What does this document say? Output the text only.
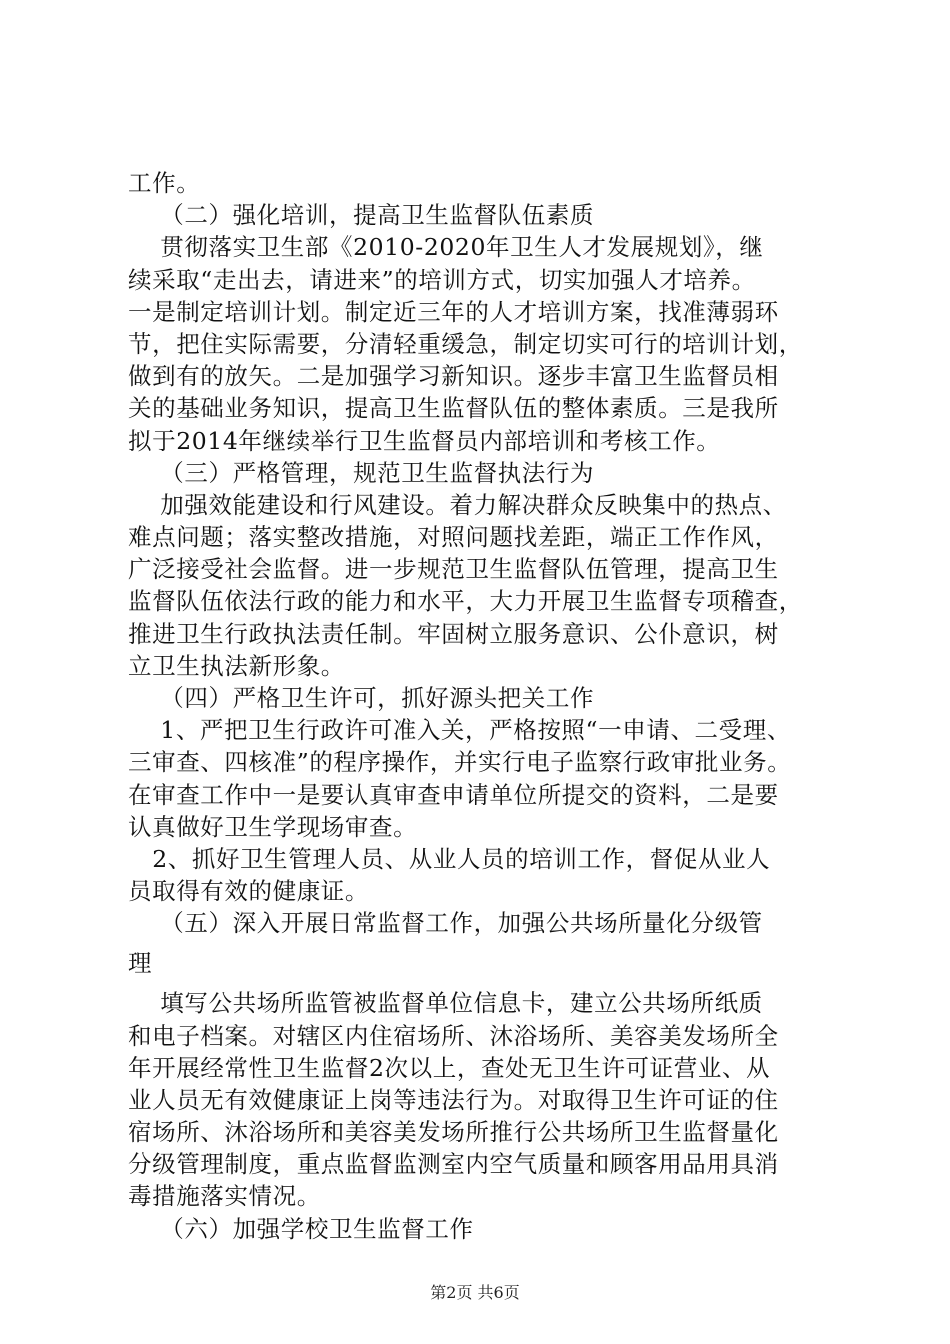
工作。
（二）强化培训，提高卫生监督队伍素质
贯彻落实卫生部《2010-2020年卫生人才发展规划》，继
续采取“走出去，请进来”的培训方式，切实加强人才培养。
一是制定培训计划。制定近三年的人才培训方案，找准薄弱环
节，把住实际需要，分清轻重缓急，制定切实可行的培训计划，
做到有的放矢。二是加强学习新知识。逐步丰富卫生监督员相
关的基础业务知识，提高卫生监督队伍的整体素质。三是我所
拟于2014年继续举行卫生监督员内部培训和考核工作。
（三）严格管理，规范卫生监督执法行为
加强效能建设和行风建设。着力解决群众反映集中的热点、
难点问题；落实整改措施，对照问题找差距，端正工作作风，
广泛接受社会监督。进一步规范卫生监督队伍管理，提高卫生
监督队伍依法行政的能力和水平，大力开展卫生监督专项稽查，
推进卫生行政执法责任制。牢固树立服务意识、公仆意识，树
立卫生执法新形象。
（四）严格卫生许可，抓好源头把关工作
1、严把卫生行政许可准入关，严格按照“一申请、二受理、
三审查、四核准”的程序操作，并实行电子监察行政审批业务。
在审查工作中一是要认真审查申请单位所提交的资料，二是要
认真做好卫生学现场审查。
2、抓好卫生管理人员、从业人员的培训工作，督促从业人
员取得有效的健康证。
（五）深入开展日常监督工作，加强公共场所量化分级管
理
填写公共场所监管被监督单位信息卡，建立公共场所纸质
和电子档案。对辖区内住宿场所、沐浴场所、美容美发场所全
年开展经常性卫生监督2次以上，查处无卫生许可证营业、从
业人员无有效健康证上岗等违法行为。对取得卫生许可证的住
宿场所、沐浴场所和美容美发场所推行公共场所卫生监督量化
分级管理制度，重点监督监测室内空气质量和顾客用品用具消
毒措施落实情况。
（六）加强学校卫生监督工作
第2页 共6页
